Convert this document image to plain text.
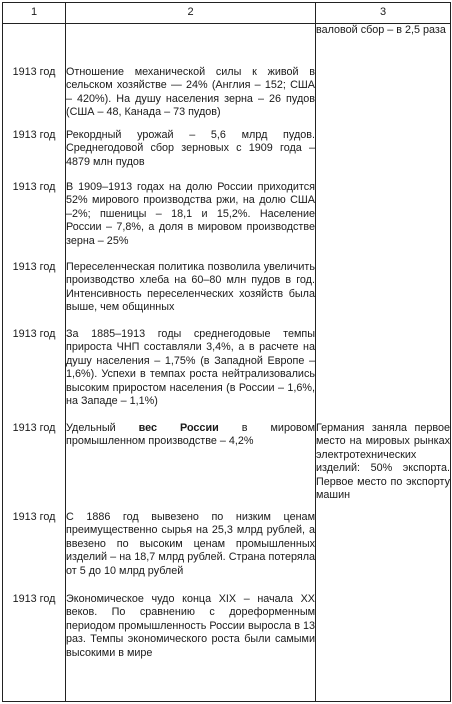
1	2	3
		валовой сбор – в 2,5 раза
1913 год	Отношение механической силы к живой в сельском хозяйстве — 24% (Англия – 152; США – 420%). На душу населения зерна – 26 пудов (США – 48, Канада – 73 пудов)	
1913 год	Рекордный урожай – 5,6 млрд пудов. Среднегодовой сбор зерновых с 1909 года – 4879 млн пудов	
1913 год	В 1909–1913 годах на долю России приходится 52% мирового производства ржи, на долю США –2%; пшеницы – 18,1 и 15,2%. Население России – 7,8%, а доля в мировом производстве зерна – 25%	
1913 год	Переселенческая политика позволила увеличить производство хлеба на 60–80 млн пудов в год. Интенсивность переселенческих хозяйств была выше, чем общинных	
1913 год	За 1885–1913 годы среднегодовые темпы прироста ЧНП составляли 3,4%, а в расчете на душу населения – 1,75% (в Западной Европе – 1,6%). Успехи в темпах роста нейтрализовались высоким приростом населения (в России – 1,6%, на Западе – 1,1%)	
1913 год	Удельный вес России в мировом промышленном производстве – 4,2%	Германия заняла первое место на мировых рынках электротехнических изделий: 50% экспорта. Первое место по экспорту машин
1913 год	С 1886 год вывезено по низким ценам преимущественно сырья на 25,3 млрд рублей, а ввезено по высоким ценам промышленных изделий – на 18,7 млрд рублей. Страна потеряла от 5 до 10 млрд рублей	
1913 год	Экономическое чудо конца XIX – начала XX веков. По сравнению с дореформенным периодом промышленность России выросла в 13 раз. Темпы экономического роста были самыми высокими в мире	
